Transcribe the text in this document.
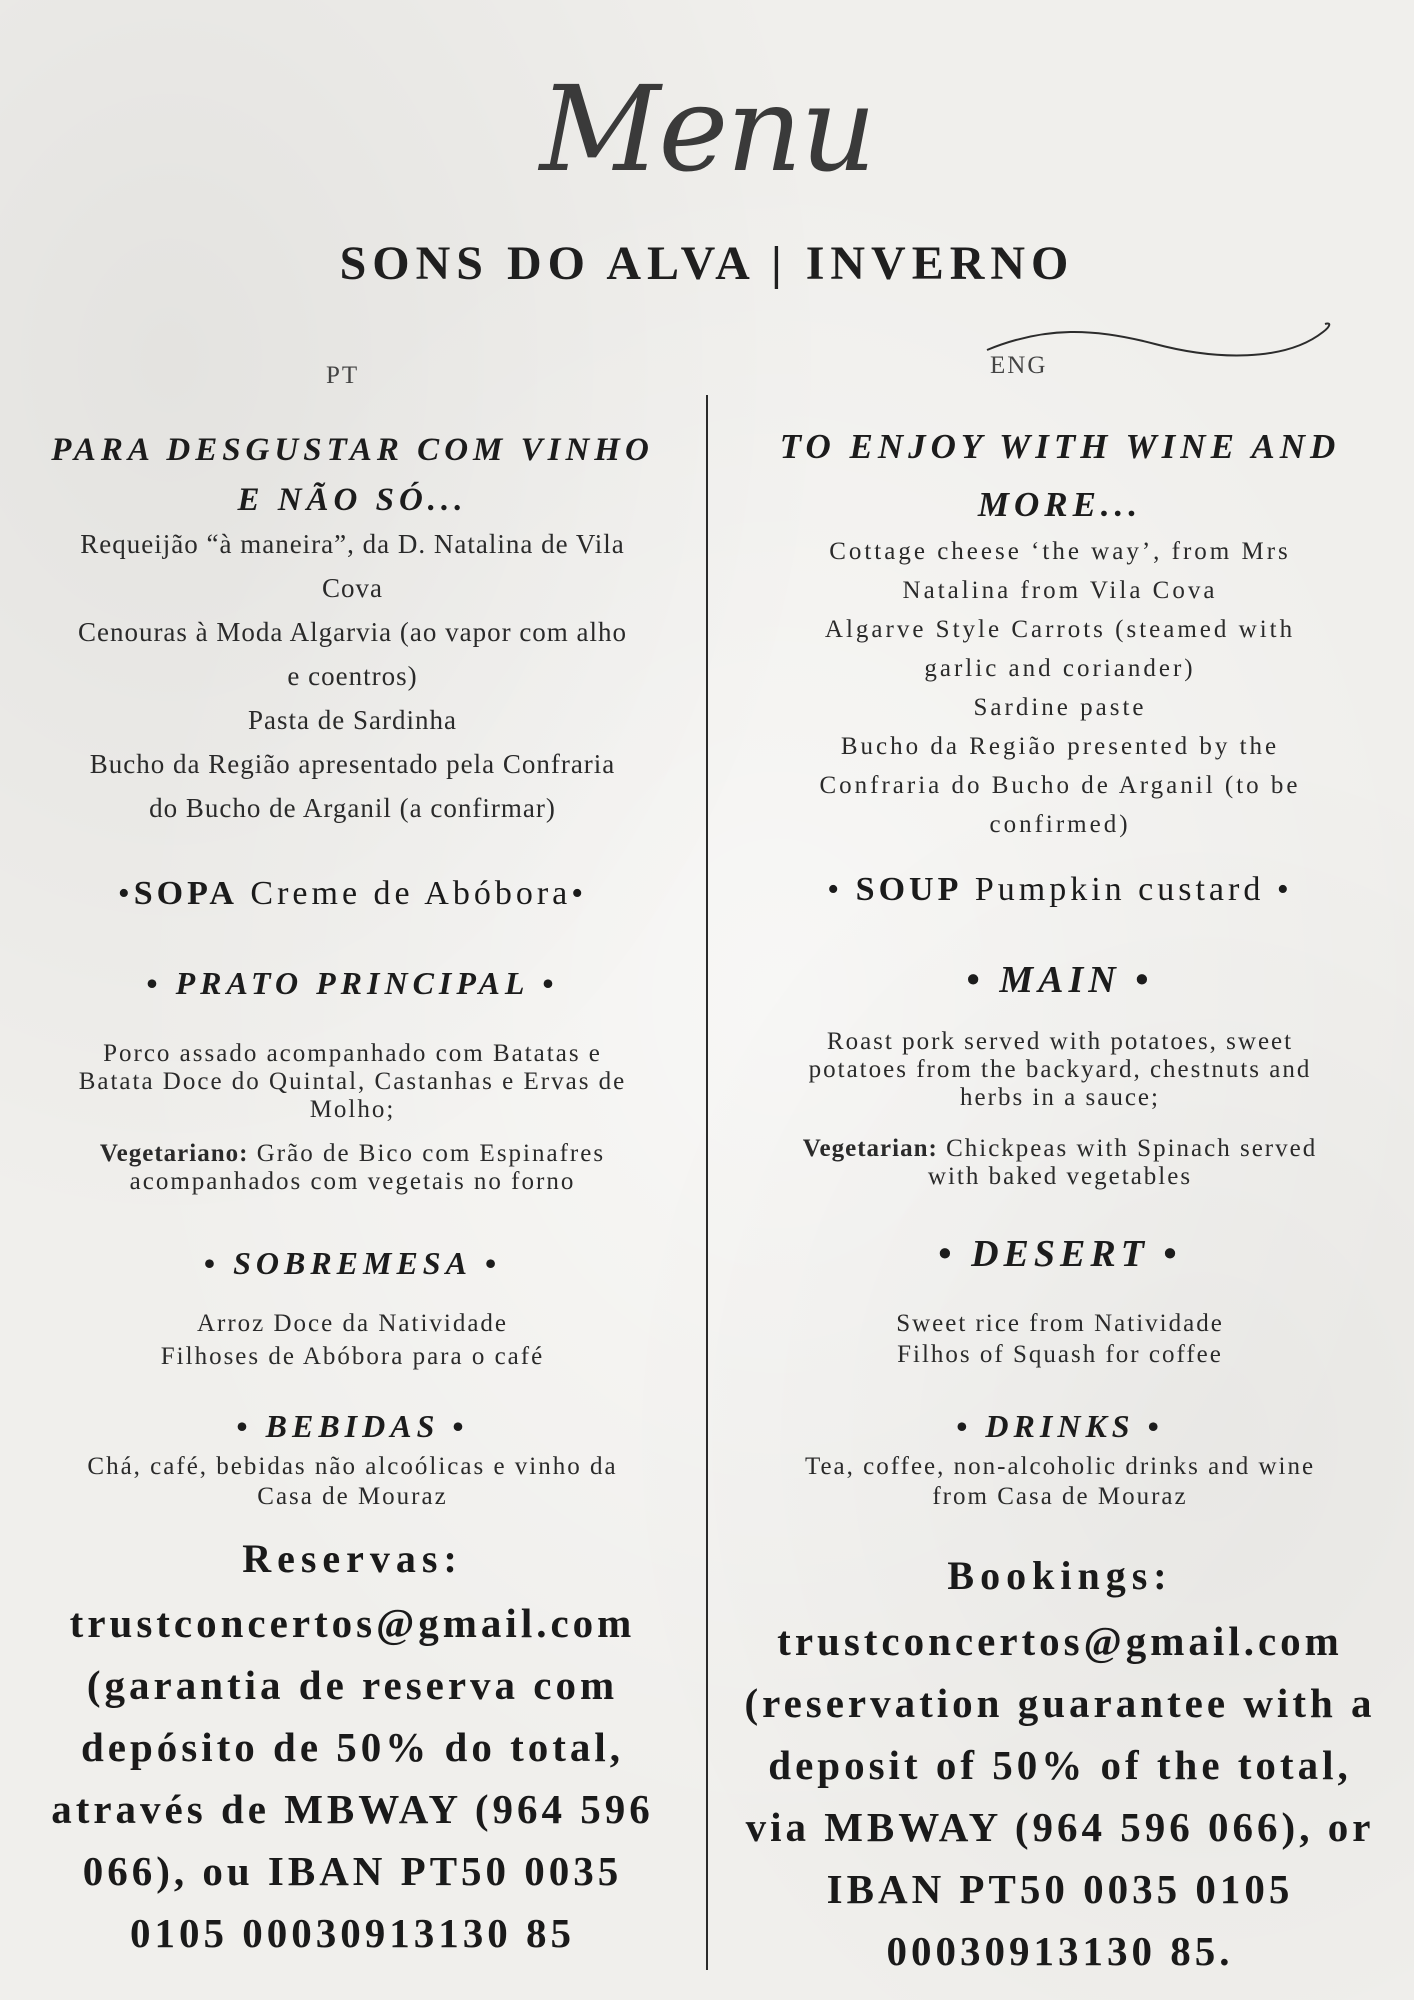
Menu
SONS DO ALVA | INVERNO
PT	ENG
PARA DESGUSTAR COM VINHO
E NÃO SÓ...
Requeijão “à maneira”, da D. Natalina de Vila
Cova
Cenouras à Moda Algarvia (ao vapor com alho
e coentros)
Pasta de Sardinha
Bucho da Região apresentado pela Confraria
do Bucho de Arganil (a confirmar)
•SOPA Creme de Abóbora•
• PRATO PRINCIPAL •
Porco assado acompanhado com Batatas e
Batata Doce do Quintal, Castanhas e Ervas de
Molho;
Vegetariano: Grão de Bico com Espinafres
acompanhados com vegetais no forno
• SOBREMESA •
Arroz Doce da Natividade
Filhoses de Abóbora para o café
• BEBIDAS •
Chá, café, bebidas não alcoólicas e vinho da
Casa de Mouraz
Reservas:
trustconcertos@gmail.com
(garantia de reserva com
depósito de 50% do total,
através de MBWAY (964 596
066), ou IBAN PT50 0035
0105 00030913130 85
TO ENJOY WITH WINE AND
MORE...
Cottage cheese ‘the way’, from Mrs
Natalina from Vila Cova
Algarve Style Carrots (steamed with
garlic and coriander)
Sardine paste
Bucho da Região presented by the
Confraria do Bucho de Arganil (to be
confirmed)
• SOUP Pumpkin custard •
• MAIN •
Roast pork served with potatoes, sweet
potatoes from the backyard, chestnuts and
herbs in a sauce;
Vegetarian: Chickpeas with Spinach served
with baked vegetables
• DESERT •
Sweet rice from Natividade
Filhos of Squash for coffee
• DRINKS •
Tea, coffee, non-alcoholic drinks and wine
from Casa de Mouraz
Bookings:
trustconcertos@gmail.com
(reservation guarantee with a
deposit of 50% of the total,
via MBWAY (964 596 066), or
IBAN PT50 0035 0105
00030913130 85.
